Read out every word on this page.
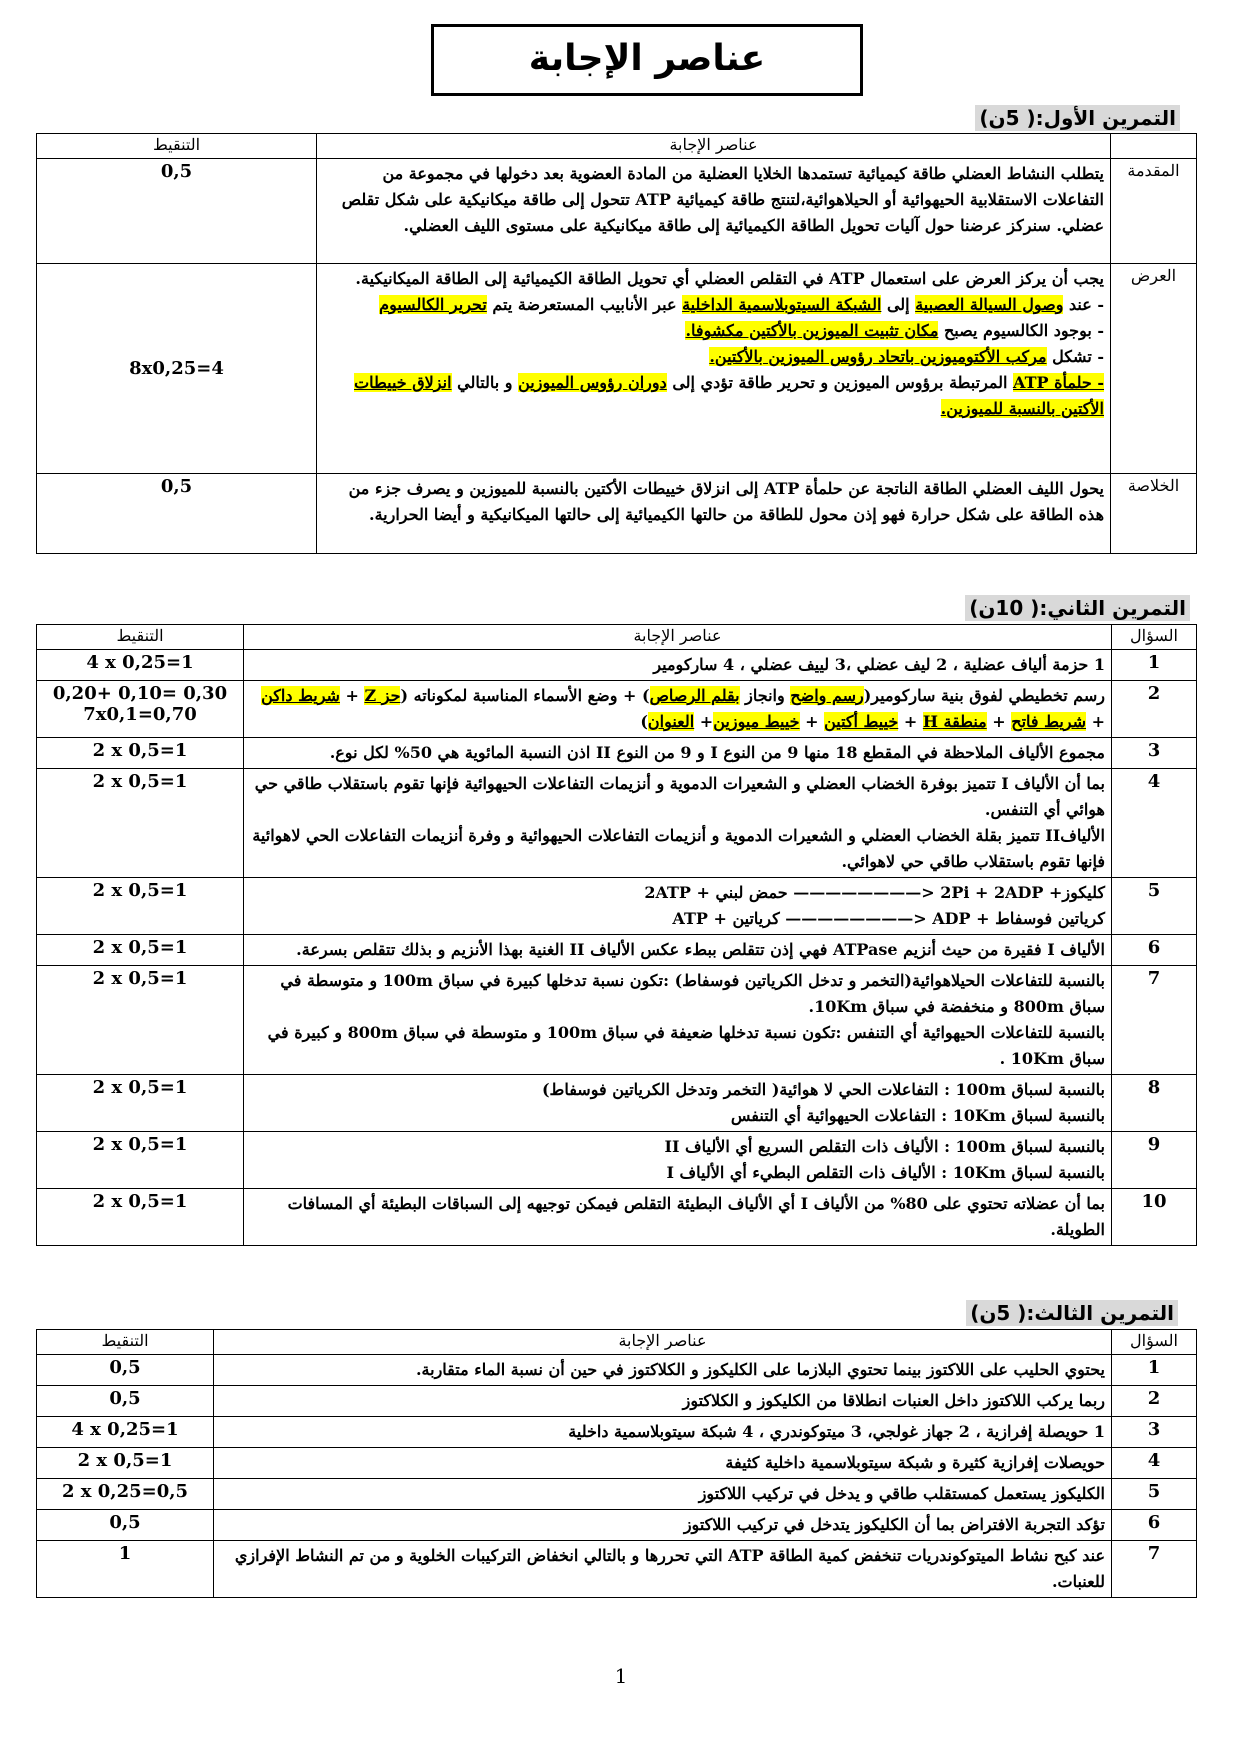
عناصر الإجابة
التمرين الأول:( 5ن)
	عناصر الإجابة	التنقيط
المقدمة	يتطلب النشاط العضلي طاقة كيميائية تستمدها الخلايا العضلية من المادة العضوية بعد دخولها في مجموعة من التفاعلات الاستقلابية الحيهوائية أو الحيلاهوائية،لتنتج طاقة كيميائية ATP تتحول إلى طاقة ميكانيكية على شكل تقلص عضلي. سنركز عرضنا حول آليات تحويل الطاقة الكيميائية إلى طاقة ميكانيكية على مستوى الليف العضلي.	0,5
العرض	يجب أن يركز العرض على استعمال ATP في التقلص العضلي أي تحويل الطاقة الكيميائية إلى الطاقة الميكانيكية.
- عند وصول السيالة العصبية إلى الشبكة السيتوبلاسمية الداخلية عبر الأنابيب المستعرضة يتم تحرير الكالسيوم
- بوجود الكالسيوم يصبح مكان تثبيت الميوزين بالأكتين مكشوفا.
- تشكل مركب الأكتوميوزين باتحاد رؤوس الميوزين بالأكتين.
- حلمأة ATP المرتبطة برؤوس الميوزين و تحرير طاقة تؤدي إلى دوران رؤوس الميوزين و بالتالي انزلاق خييطات الأكتين بالنسبة للميوزين.	8x0,25=4
الخلاصة	يحول الليف العضلي الطاقة الناتجة عن حلمأة ATP إلى انزلاق خييطات الأكتين بالنسبة للميوزين و يصرف جزء من هذه الطاقة على شكل حرارة فهو إذن محول للطاقة من حالتها الكيميائية إلى حالتها الميكانيكية و أيضا الحرارية.	0,5
التمرين الثاني:( 10ن)
السؤال	عناصر الإجابة	التنقيط
1	1 حزمة ألياف عضلية ، 2 ليف عضلي ،3 لييف عضلي ، 4 ساركومير	4 x 0,25=1
2	رسم تخطيطي لفوق بنية ساركومير(رسم واضح وانجاز بقلم الرصاص) + وضع الأسماء المناسبة لمكوناته (حز Z + شريط داكن + شريط فاتح + منطقة H + خييط أكتين + خييط ميوزين+ العنوان)	0,20+ 0,10= 0,30
7x0,1=0,70

3	مجموع الألياف الملاحظة في المقطع 18 منها 9 من النوع I و 9 من النوع II اذن النسبة المائوية هي 50% لكل نوع.	2 x 0,5=1
4	بما أن الألياف I تتميز بوفرة الخضاب العضلي و الشعيرات الدموية و أنزيمات التفاعلات الحيهوائية فإنها تقوم باستقلاب طاقي حي هوائي أي التنفس.
الأليافII تتميز بقلة الخضاب العضلي و الشعيرات الدموية و أنزيمات التفاعلات الحيهوائية و وفرة أنزيمات التفاعلات الحي لاهوائية فإنها تقوم باستقلاب طاقي حي لاهوائي.	2 x 0,5=1
5	كليكوز+ 2Pi + 2ADP <———————— حمض لبني + 2ATP
كرياتين فوسفاط + ADP <———————— كرياتين + ATP	2 x 0,5=1
6	الألياف I فقيرة من حيث أنزيم ATPase فهي إذن تتقلص ببطء عكس الألياف II الغنية بهذا الأنزيم و بذلك تتقلص بسرعة.	2 x 0,5=1
7	بالنسبة للتفاعلات الحيلاهوائية(التخمر و تدخل الكرياتين فوسفاط) :تكون نسبة تدخلها كبيرة في سباق 100m و متوسطة في سباق 800m و منخفضة في سباق 10Km.
بالنسبة للتفاعلات الحيهوائية أي التنفس :تكون نسبة تدخلها ضعيفة في سباق 100m و متوسطة في سباق 800m و كبيرة في سباق 10Km .	2 x 0,5=1
8	بالنسبة لسباق 100m : التفاعلات الحي لا هوائية( التخمر وتدخل الكرياتين فوسفاط)
بالنسبة لسباق 10Km : التفاعلات الحيهوائية أي التنفس	2 x 0,5=1
9	بالنسبة لسباق 100m : الألياف ذات التقلص السريع أي الألياف II
بالنسبة لسباق 10Km : الألياف ذات التقلص البطيء أي الألياف I	2 x 0,5=1
10	بما أن عضلاته تحتوي على 80% من الألياف I أي الألياف البطيئة التقلص فيمكن توجيهه إلى السباقات البطيئة أي المسافات الطويلة.	2 x 0,5=1
التمرين الثالث:( 5ن)
السؤال	عناصر الإجابة	التنقيط
1	يحتوي الحليب على اللاكتوز بينما تحتوي البلازما على الكليكوز و الكلاكتوز في حين أن نسبة الماء متقاربة.	0,5
2	ربما يركب اللاكتوز داخل العنبات انطلاقا من الكليكوز و الكلاكتوز	0,5
3	1 حويصلة إفرازية ، 2 جهاز غولجي، 3 ميتوكوندري ، 4 شبكة سيتوبلاسمية داخلية	4 x 0,25=1
4	حويصلات إفرازية كثيرة و شبكة سيتوبلاسمية داخلية كثيفة	2 x 0,5=1
5	الكليكوز يستعمل كمستقلب طاقي و يدخل في تركيب اللاكتوز	2 x 0,25=0,5
6	تؤكد التجربة الافتراض بما أن الكليكوز يتدخل في تركيب اللاكتوز	0,5
7	عند كبح نشاط الميتوكوندريات تنخفض كمية الطاقة ATP التي تحررها و بالتالي انخفاض التركيبات الخلوية و من تم النشاط الإفرازي للعنبات.	1
1
